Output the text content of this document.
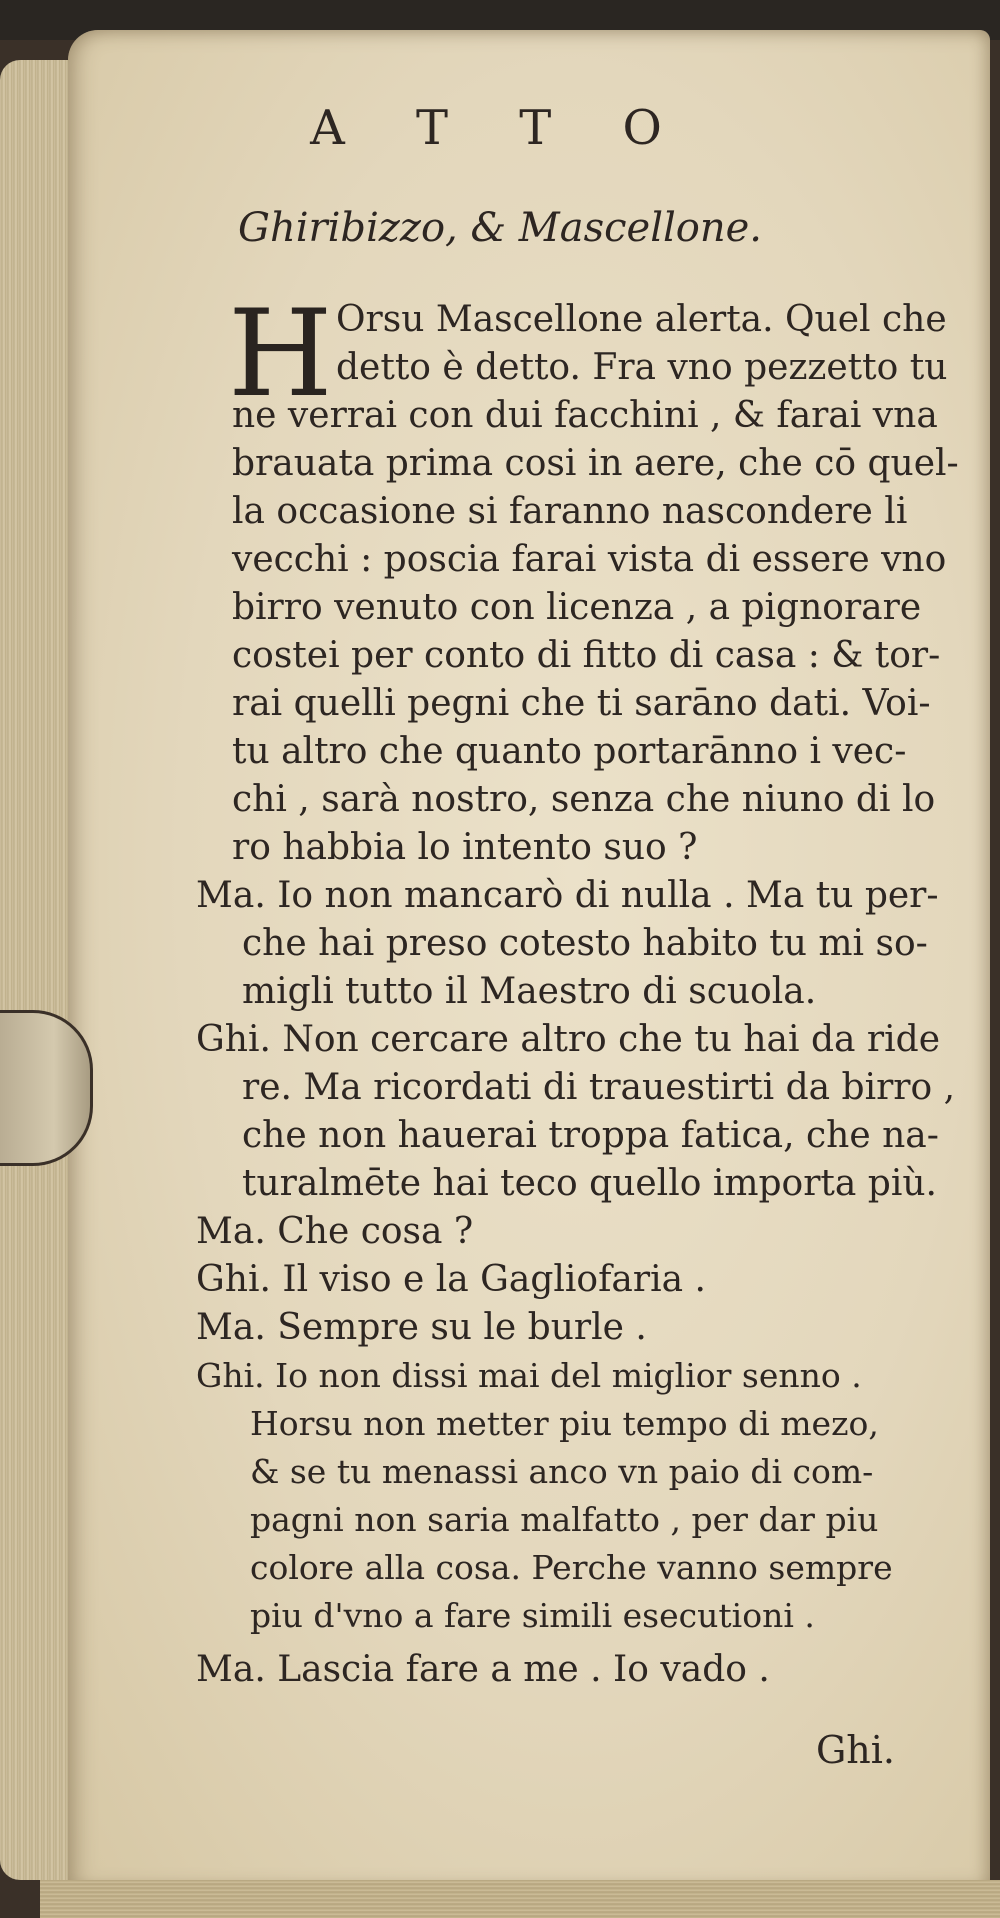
A T T O
Ghiribizzo, & Mascellone.
H Orsu Mascellone alerta. Quel che
detto è detto. Fra vno pezzetto tu
ne verrai con dui facchini , & farai vna
brauata prima cosi in aere, che cō quel-
la occasione si faranno nascondere li
vecchi : poscia farai vista di essere vno
birro venuto con licenza , a pignorare
costei per conto di fitto di casa : & tor-
rai quelli pegni che ti sarāno dati. Voi-
tu altro che quanto portarānno i vec-
chi , sarà nostro, senza che niuno di lo
ro habbia lo intento suo ?
Ma. Io non mancarò di nulla . Ma tu per-
che hai preso cotesto habito tu mi so-
migli tutto il Maestro di scuola.
Ghi. Non cercare altro che tu hai da ride
re. Ma ricordati di trauestirti da birro ,
che non hauerai troppa fatica, che na-
turalmēte hai teco quello importa più.
Ma. Che cosa ?
Ghi. Il viso e la Gagliofaria .
Ma. Sempre su le burle .
Ghi. Io non dissi mai del miglior senno .
Horsu non metter piu tempo di mezo,
& se tu menassi anco vn paio di com-
pagni non saria malfatto , per dar piu
colore alla cosa. Perche vanno sempre
piu d'vno a fare simili esecutioni .
Ma. Lascia fare a me . Io vado .
Ghi.
